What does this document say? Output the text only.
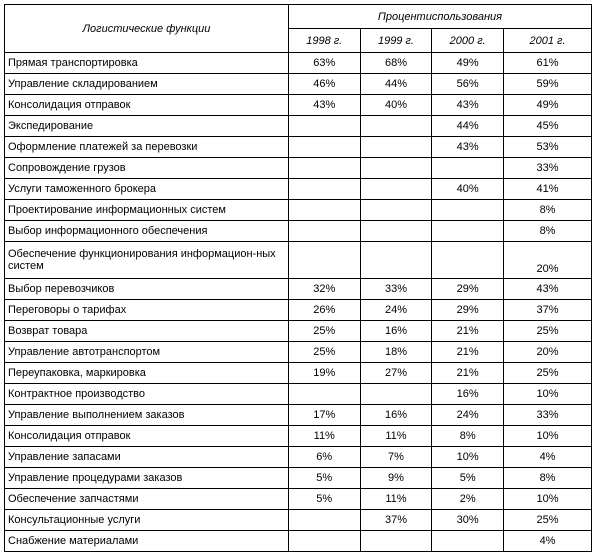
Логистические функции	Процентиспользования			
	1998 г.	1999 г.	2000 г.	2001 г.
Прямая транспортировка	63%	68%	49%	61%
Управление складированием	46%	44%	56%	59%
Консолидация отправок	43%	40%	43%	49%
Экспедирование			44%	45%
Оформление платежей за перевозки			43%	53%
Сопровождение грузов				33%
Услуги таможенного брокера			40%	41%
Проектирование информационных систем				8%
Выбор информационного обеспечения				8%
Обеспечение функционирования информацион-ных систем				20%
Выбор перевозчиков	32%	33%	29%	43%
Переговоры о тарифах	26%	24%	29%	37%
Возврат товара	25%	16%	21%	25%
Управление автотранспортом	25%	18%	21%	20%
Переупаковка, маркировка	19%	27%	21%	25%
Контрактное производство			16%	10%
Управление выполнением заказов	17%	16%	24%	33%
Консолидация отправок	11%	11%	8%	10%
Управление запасами	6%	7%	10%	4%
Управление процедурами заказов	5%	9%	5%	8%
Обеспечение запчастями	5%	11%	2%	10%
Консультационные услуги		37%	30%	25%
Снабжение материалами				4%
